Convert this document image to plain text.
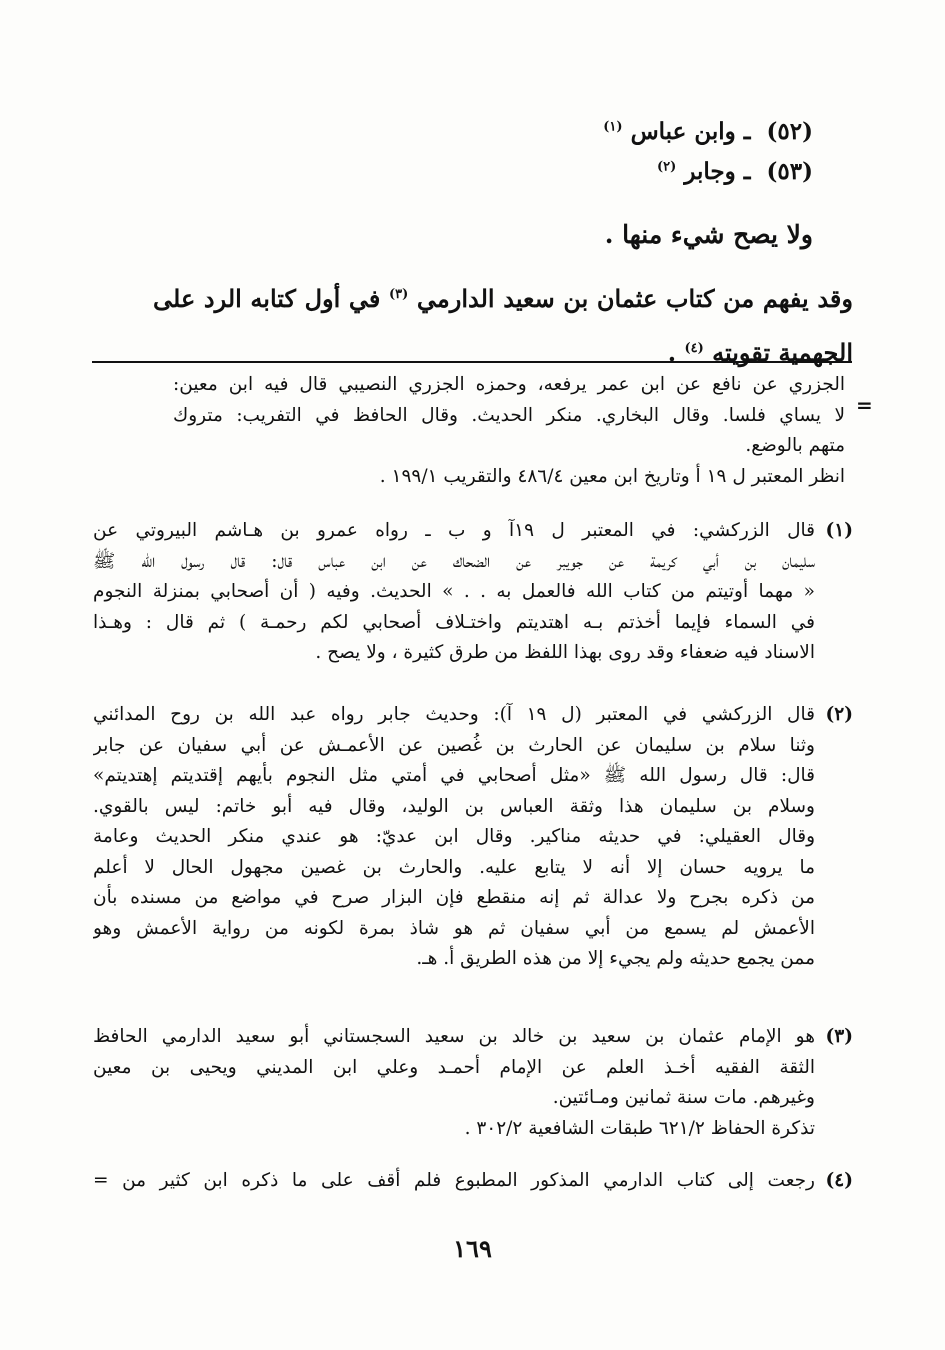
(٥٢) ـ وابن عباس $^{(١)}$
(٥٣) ـ وجابر $^{(٢)}$
ولا يصح شيء منها .
وقد يفهم من كتاب عثمان بن سعيد الدارمي $^{(٣)}$ في أول كتابه الرد على الجهمية تقويته $^{(٤)}$ .
=
الجزري عن نافع عن ابن عمر يرفعه، وحمزه الجزري النصيبي قال فيه ابن معين:
لا يساي فلسا. وقال البخاري. منكر الحديث. وقال الحافظ في التفريب: متروك
متهم بالوضع.
انظر المعتبر ل ١٩ أ وتاريخ ابن معين ٤٨٦/٤ والتقريب ١٩٩/١ .
(١)
قال الزركشي: في المعتبر ل ١٩آ و ب ـ رواه عمرو بن هـاشم البيروتي عن
سليمان بن أبي كريمة عن جويبر عن الضحاك عن ابن عباس قال: قال رسول الله ﷺ
« مهما أوتيتم من كتاب الله فالعمل به . . » الحديث. وفيه ( أن أصحابي بمنزلة النجوم
في السماء فإيما أخذتم بـه اهتديتم واختـلاف أصحابي لكم رحمـة ) ثم قال : وهـذا
الاسناد فيه ضعفاء وقد روى بهذا اللفظ من طرق كثيرة ، ولا يصح .
(٢)
قال الزركشي في المعتبر (ل ١٩ آ): وحديث جابر رواه عبد الله بن روح المدائني
وثنا سلام بن سليمان عن الحارث بن غُصين عن الأعمـش عن أبي سفيان عن جابر
قال: قال رسول الله ﷺ «مثل أصحابي في أمتي مثل النجوم بأيهم إقتديتم إهتديتم»
وسلام بن سليمان هذا وثقة العباس بن الوليد، وقال فيه أبو خاتم: ليس بالقوي.
وقال العقيلي: في حديثه مناكير. وقال ابن عديّ: هو عندي منكر الحديث وعامة
ما يرويه حسان إلا أنه لا يتابع عليه. والحارث بن غصين مجهول الحال لا أعلم
من ذكره بجرح ولا عدالة ثم إنه منقطع فإن البزار صرح في مواضع من مسنده بأن
الأعمش لم يسمع من أبي سفيان ثم هو شاذ بمرة لكونه من رواية الأعمش وهو
ممن يجمع حديثه ولم يجيء إلا من هذه الطريق أ. هـ.
(٣)
هو الإمام عثمان بن سعيد بن خالد بن سعيد السجستاني أبو سعيد الدارمي الحافظ
الثقة الفقيه أخـذ العلم عن الإمام أحمـد وعلي ابن المديني ويحيى بن معين
وغيرهم. مات سنة ثمانين ومـائتين.
تذكرة الحفاظ ٦٢١/٢ طبقات الشافعية ٣٠٢/٢ .
(٤)
رجعت إلى كتاب الدارمي المذكور المطبوع فلم أقف على ما ذكره ابن كثير من =
١٦٩
